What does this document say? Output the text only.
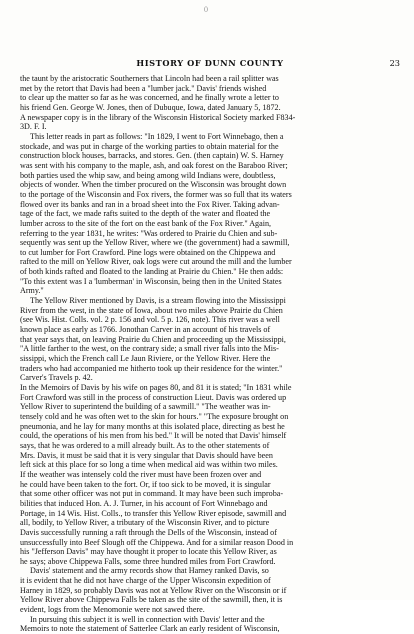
0
HISTORY OF DUNN COUNTY	23

the taunt by the aristocratic Southerners that Lincoln had been a rail splitter was
met by the retort that Davis had been a "lumber jack." Davis' friends wished
to clear up the matter so far as he was concerned, and he finally wrote a letter to
his friend Gen. George W. Jones, then of Dubuque, Iowa, dated January 5, 1872.
A newspaper copy is in the library of the Wisconsin Historical Society marked F834-
3D. F. I.

This letter reads in part as follows: "In 1829, I went to Fort Winnebago, then a
stockade, and was put in charge of the working parties to obtain material for the
construction block houses, barracks, and stores. Gen. (then captain) W. S. Harney
was sent with his company to the maple, ash, and oak forest on the Baraboo River;
both parties used the whip saw, and being among wild Indians were, doubtless,
objects of wonder. When the timber procured on the Wisconsin was brought down
to the portage of the Wisconsin and Fox rivers, the former was so full that its waters
flowed over its banks and ran in a broad sheet into the Fox River. Taking advan-
tage of the fact, we made rafts suited to the depth of the water and floated the
lumber across to the site of the fort on the east bank of the Fox River." Again,
referring to the year 1831, he writes: "Was ordered to Prairie du Chien and sub-
sequently was sent up the Yellow River, where we (the government) had a sawmill,
to cut lumber for Fort Crawford. Pine logs were obtained on the Chippewa and
rafted to the mill on Yellow River, oak logs were cut around the mill and the lumber
of both kinds rafted and floated to the landing at Prairie du Chien." He then adds:
"To this extent was I a 'lumberman' in Wisconsin, being then in the United States
Army."

The Yellow River mentioned by Davis, is a stream flowing into the Mississippi
River from the west, in the state of Iowa, about two miles above Prairie du Chien
(see Wis. Hist. Colls. vol. 2 p. 156 and vol. 5 p. 126, note). This river was a well
known place as early as 1766. Jonothan Carver in an account of his travels of
that year says that, on leaving Prairie du Chien and proceeding up the Mississippi,
"A little farther to the west, on the contrary side; a small river falls into the Mis-
sissippi, which the French call Le Jaun Riviere, or the Yellow River. Here the
traders who had accompanied me hitherto took up their residence for the winter."
Carver's Travels p. 42.

In the Memoirs of Davis by his wife on pages 80, and 81 it is stated; "In 1831 while
Fort Crawford was still in the process of construction Lieut. Davis was ordered up
Yellow River to superintend the building of a sawmill." "The weather was in-
tensely cold and he was often wet to the skin for hours." "The exposure brought on
pneumonia, and he lay for many months at this isolated place, directing as best he
could, the operations of his men from his bed." It will be noted that Davis' himself
says, that he was ordered to a mill already built. As to the other statements of
Mrs. Davis, it must be said that it is very singular that Davis should have been
left sick at this place for so long a time when medical aid was within two miles.
If the weather was intensely cold the river must have been frozen over and
he could have been taken to the fort. Or, if too sick to be moved, it is singular
that some other officer was not put in command. It may have been such improba-
bilities that induced Hon. A. J. Turner, in his account of Fort Winnebago and
Portage, in 14 Wis. Hist. Colls., to transfer this Yellow River episode, sawmill and
all, bodily, to Yellow River, a tributary of the Wisconsin River, and to picture
Davis successfully running a raft through the Dells of the Wisconsin, instead of
unsuccessfully into Beef Slough off the Chippewa. And for a similar reason Dood in
his "Jefferson Davis" may have thought it proper to locate this Yellow River, as
he says; above Chippewa Falls, some three hundred miles from Fort Crawford.

Davis' statement and the army records show that Harney ranked Davis, so
it is evident that he did not have charge of the Upper Wisconsin expedition of
Harney in 1829, so probably Davis was not at Yellow River on the Wisconsin or if
Yellow River above Chippewa Falls be taken as the site of the sawmill, then, it is
evident, logs from the Menomonie were not sawed there.

In pursuing this subject it is well in connection with Davis' letter and the
Memoirs to note the statement of Satterlee Clark an early resident of Wisconsin,
